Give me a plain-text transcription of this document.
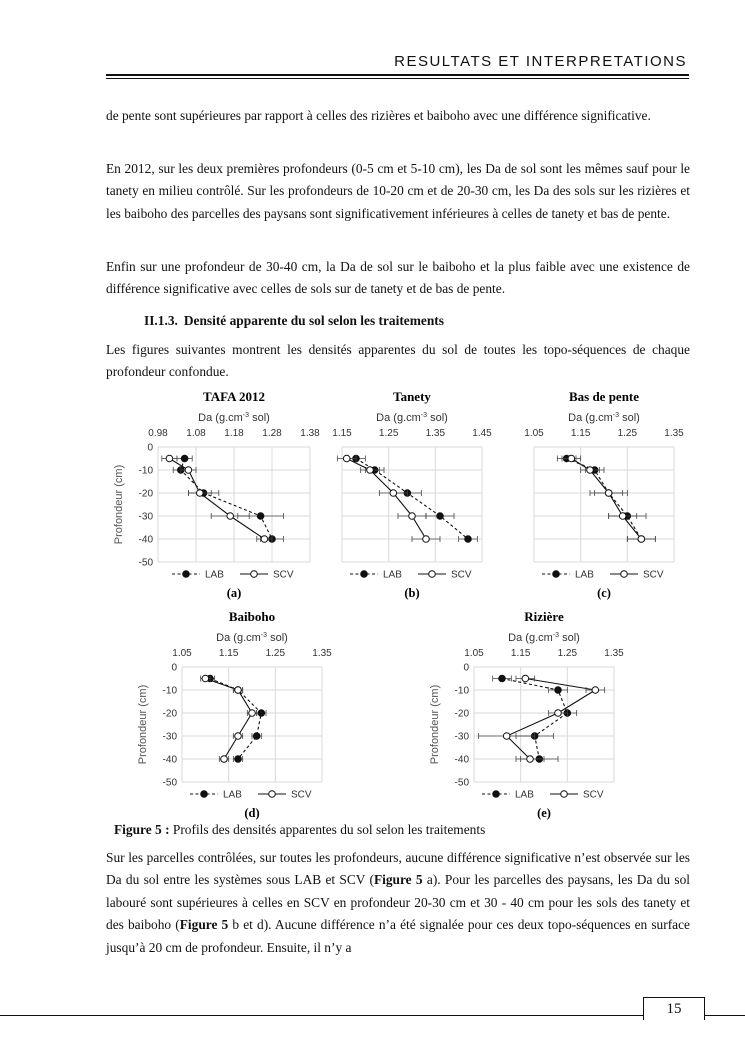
RESULTATS ET INTERPRETATIONS

de pente sont supérieures par rapport à celles des rizières et baiboho avec une différence significative.

En 2012, sur les deux premières profondeurs (0-5 cm et 5-10 cm), les Da de sol sont les mêmes sauf pour le tanety en milieu contrôlé. Sur les profondeurs de 10-20 cm et de 20-30 cm, les Da des sols sur les rizières et les baiboho des parcelles des paysans sont significativement inférieures à celles de tanety et bas de pente.

Enfin sur une profondeur de 30-40 cm, la Da de sol sur le baiboho et la plus faible avec une existence de différence significative avec celles de sols sur de tanety et de bas de pente.

II.1.3. Densité apparente du sol selon les traitements

Les figures suivantes montrent les densités apparentes du sol de toutes les topo-séquences de chaque profondeur confondue.

TAFA 2012
Da ($g.cm^{-3}$ sol)
0.98 1.08 1.18 1.28 1.38
0
-10
-20
-30
-40
-50
Profondeur (cm)
LAB	SCV
(a)
Tanety
Da ($g.cm^{-3}$ sol)
1.15	1.25	1.35	1.45
LAB	SCV
(b)
Bas de pente
Da ($g.cm^{-3}$ sol)
1.05	1.15	1.25	1.35
LAB	SCV
(c)
Baiboho
Da ($g.cm^{-3}$ sol)
1.05	1.15	1.25	1.35
0
-10
-20
-30
-40
-50
Profondeur (cm)
LAB	SCV
(d)
Rizière
Da ($g.cm^{-3}$ sol)
1.05	1.15	1.25	1.35
0
-10
-20
-30
-40
-50
Profondeur (cm)
LAB	SCV
(e)
Figure 5 : Profils des densités apparentes du sol selon les traitements

Sur les parcelles contrôlées, sur toutes les profondeurs, aucune différence significative n’est observée sur les Da du sol entre les systèmes sous LAB et SCV (Figure 5 a). Pour les parcelles des paysans, les Da du sol labouré sont supérieures à celles en SCV en profondeur 20-30 cm et 30 - 40 cm pour les sols des tanety et des baiboho (Figure 5 b et d). Aucune différence n’a été signalée pour ces deux topo-séquences en surface jusqu’à 20 cm de profondeur. Ensuite, il n’y a

15
